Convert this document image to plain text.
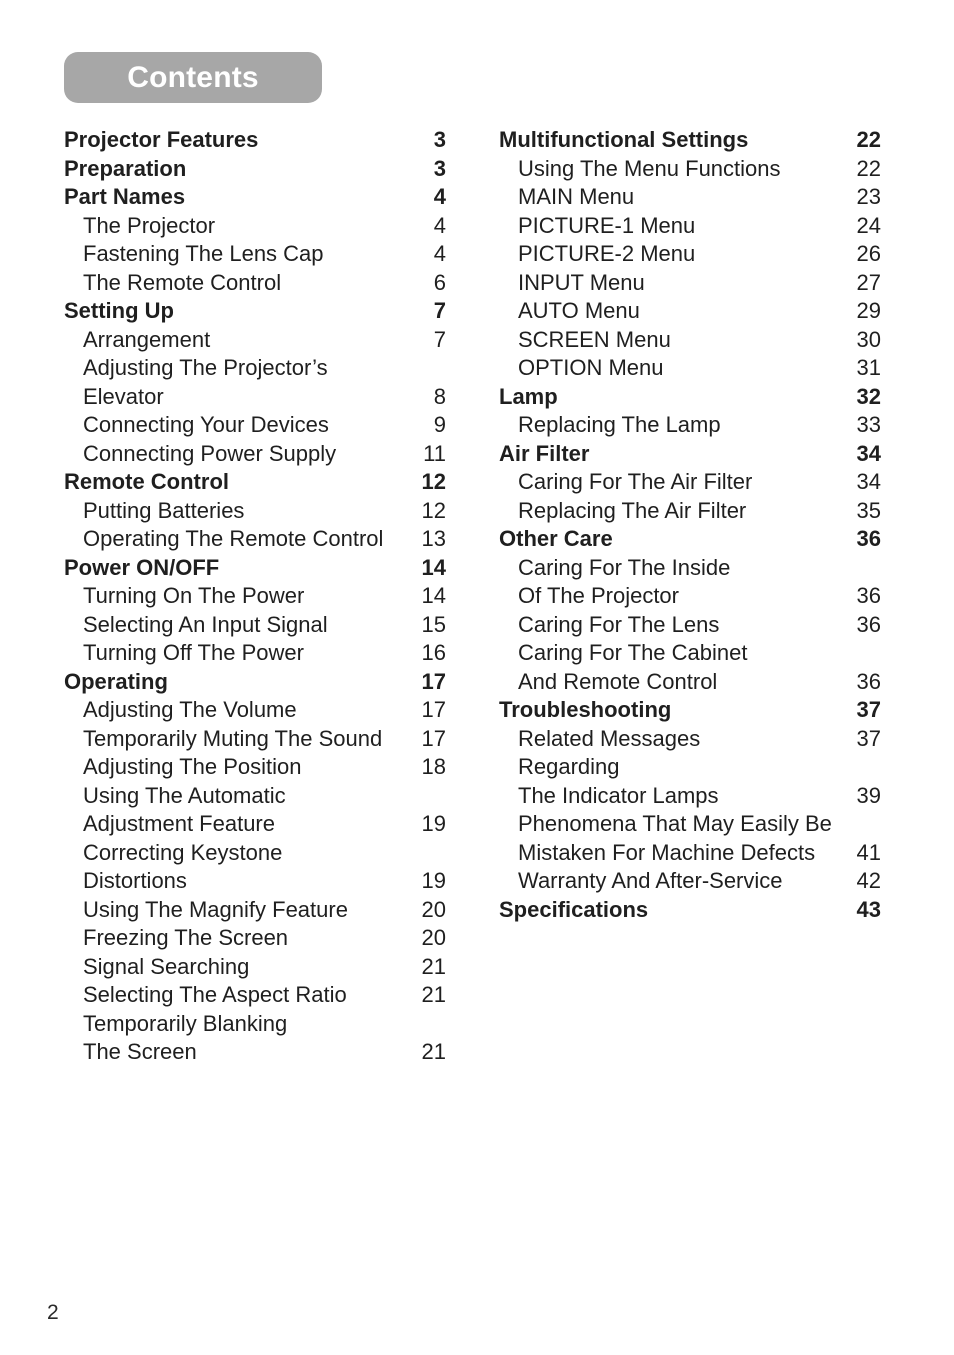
Contents
Projector Features	3
Preparation	3
Part Names	4
The Projector	4
Fastening The Lens Cap	4
The Remote Control	6
Setting Up	7
Arrangement	7
Adjusting The Projector’s
Elevator	8
Connecting Your Devices	9
Connecting Power Supply	11
Remote Control	12
Putting Batteries	12
Operating The Remote Control 13
Power ON/OFF	14
Turning On The Power	14
Selecting An Input Signal	15
Turning Off The Power	16
Operating	17
Adjusting The Volume	17
Temporarily Muting The Sound 17
Adjusting The Position	18
Using The Automatic
Adjustment Feature	19
Correcting Keystone
Distortions	19
Using The Magnify Feature	20
Freezing The Screen	20
Signal Searching	21
Selecting The Aspect Ratio	21
Temporarily Blanking
The Screen	21
Multifunctional Settings	22
Using The Menu Functions	22
MAIN Menu	23
PICTURE-1 Menu	24
PICTURE-2 Menu	26
INPUT Menu	27
AUTO Menu	29
SCREEN Menu	30
OPTION Menu	31
Lamp	32
Replacing The Lamp	33
Air Filter	34
Caring For The Air Filter	34
Replacing The Air Filter	35
Other Care	36
Caring For The Inside
Of The Projector	36
Caring For The Lens	36
Caring For The Cabinet
And Remote Control	36
Troubleshooting	37
Related Messages	37
Regarding
The Indicator Lamps	39
Phenomena That May Easily Be
Mistaken For Machine Defects 41
Warranty And After-Service	42
Specifications	43
2
